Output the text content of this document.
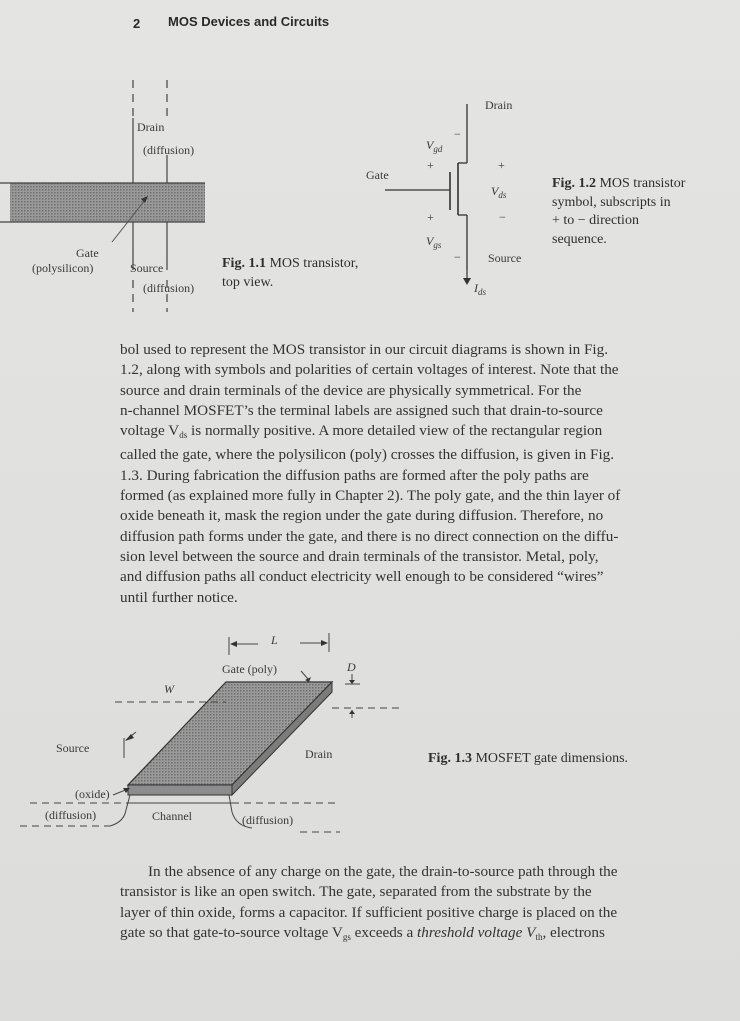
2 MOS Devices and Circuits
Drain
(diffusion)
Gate
(polysilicon)	Source
(diffusion)
Fig. 1.1 MOS transistor,
top view.
Drain
Gate
Source
$V_{gd}$
$V_{ds}$
$V_{gs}$
$I_{ds}$
+
−
+
−
+
−
Fig. 1.2 MOS transistor
symbol, subscripts in
+ to − direction
sequence.
bol used to represent the MOS transistor in our circuit diagrams is shown in Fig.
1.2, along with symbols and polarities of certain voltages of interest. Note that the
source and drain terminals of the device are physically symmetrical. For the
n-channel MOSFET’s the terminal labels are assigned such that drain-to-source
voltage $V_{ds}$ is normally positive. A more detailed view of the rectangular region
called the gate, where the polysilicon (poly) crosses the diffusion, is given in Fig.
1.3. During fabrication the diffusion paths are formed after the poly paths are
formed (as explained more fully in Chapter 2). The poly gate, and the thin layer of
oxide beneath it, mask the region under the gate during diffusion. Therefore, no
diffusion path forms under the gate, and there is no direct connection on the diffu-
sion level between the source and drain terminals of the transistor. Metal, poly,
and diffusion paths all conduct electricity well enough to be considered “wires”
until further notice.
L
Gate (poly)	D
W
Source	Drain
(oxide)
(diffusion)	Channel	(diffusion)
Fig. 1.3 MOSFET gate dimensions.
In the absence of any charge on the gate, the drain-to-source path through the
transistor is like an open switch. The gate, separated from the substrate by the
layer of thin oxide, forms a capacitor. If sufficient positive charge is placed on the
gate so that gate-to-source voltage $V_{gs}$ exceeds a threshold voltage $V_{th}$, electrons
